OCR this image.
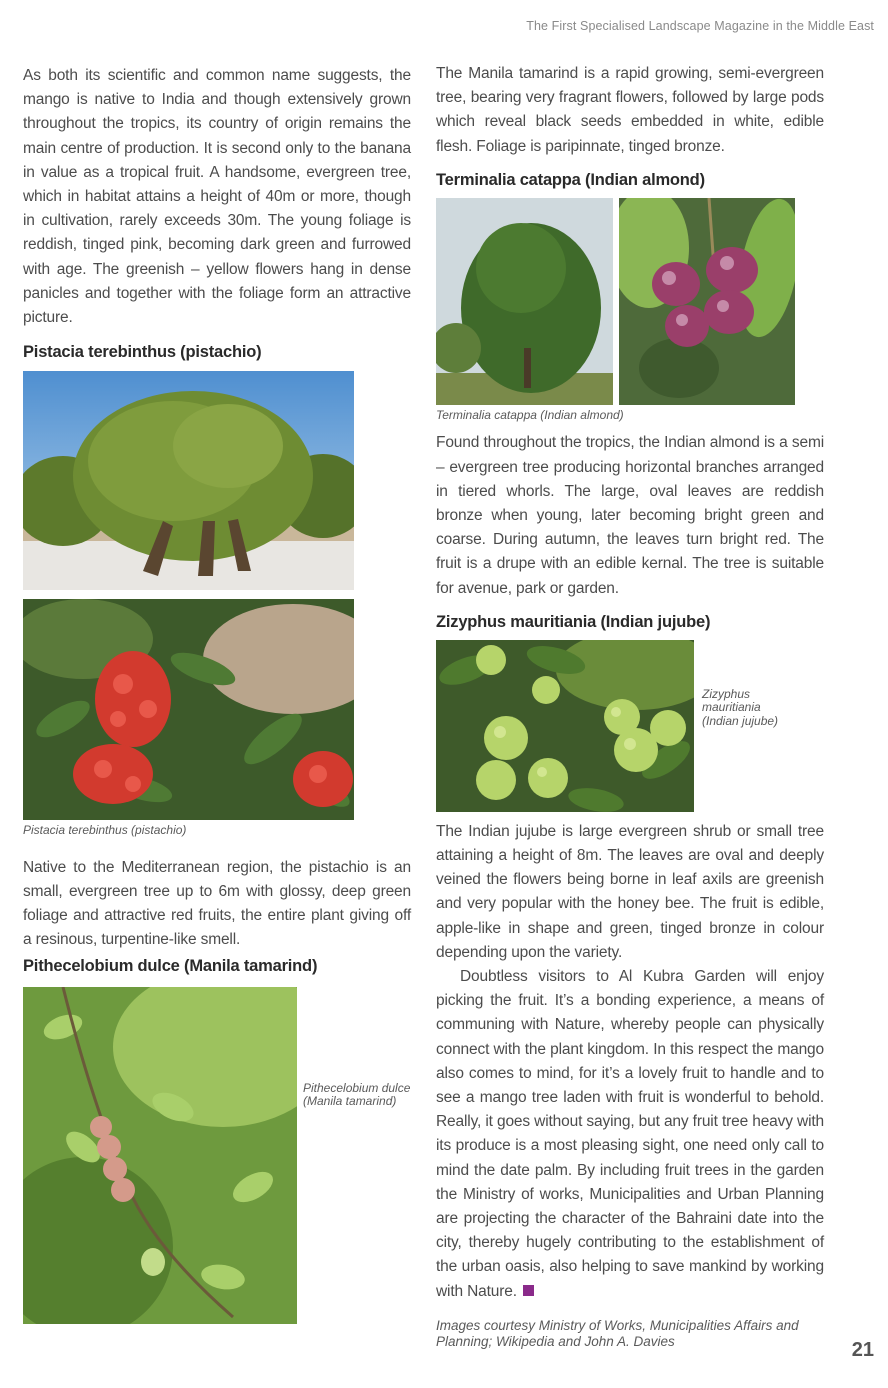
The First Specialised Landscape Magazine in the Middle East

As both its scientific and common name suggests, the mango is native to India and though extensively grown throughout the tropics, its country of origin remains the main centre of production. It is second only to the banana in value as a tropical fruit. A handsome, evergreen tree, which in habitat attains a height of 40m or more, though in cultivation, rarely exceeds 30m. The young foliage is reddish, tinged pink, becoming dark green and furrowed with age. The greenish – yellow flowers hang in dense panicles and together with the foliage form an attractive picture.

Pistacia terebinthus (pistachio)
Pistacia terebinthus (pistachio)

Native to the Mediterranean region, the pistachio is an small, evergreen tree up to 6m with glossy, deep green foliage and attractive red fruits, the entire plant giving off a resinous, turpentine-like smell.

Pithecelobium dulce (Manila tamarind)
Pithecelobium dulce
(Manila tamarind)

The Manila tamarind is a rapid growing, semi-evergreen tree, bearing very fragrant flowers, followed by large pods which reveal black seeds embedded in white, edible flesh. Foliage is paripinnate, tinged bronze.

Terminalia catappa (Indian almond)
Terminalia catappa (Indian almond)

Found throughout the tropics, the Indian almond is a semi – evergreen tree producing horizontal branches arranged in tiered whorls. The large, oval leaves are reddish bronze when young, later becoming bright green and coarse. During autumn, the leaves turn bright red. The fruit is a drupe with an edible kernal. The tree is suitable for avenue, park or garden.

Zizyphus mauritiania (Indian jujube)
Zizyphus
mauritiania
(Indian jujube)

The Indian jujube is large evergreen shrub or small tree attaining a height of 8m. The leaves are oval and deeply veined the flowers being borne in leaf axils are greenish and very popular with the honey bee. The fruit is edible, apple-like in shape and green, tinged bronze in colour depending upon the variety.

Doubtless visitors to Al Kubra Garden will enjoy picking the fruit. It’s a bonding experience, a means of communing with Nature, whereby people can physically connect with the plant kingdom. In this respect the mango also comes to mind, for it’s a lovely fruit to handle and to see a mango tree laden with fruit is wonderful to behold. Really, it goes without saying, but any fruit tree heavy with its produce is a most pleasing sight, one need only call to mind the date palm. By including fruit trees in the garden the Ministry of works, Municipalities and Urban Planning are projecting the character of the Bahraini date into the city, thereby hugely contributing to the establishment of the urban oasis, also helping to save mankind by working with Nature.

Images courtesy Ministry of Works, Municipalities Affairs and Planning; Wikipedia and John A. Davies	21
